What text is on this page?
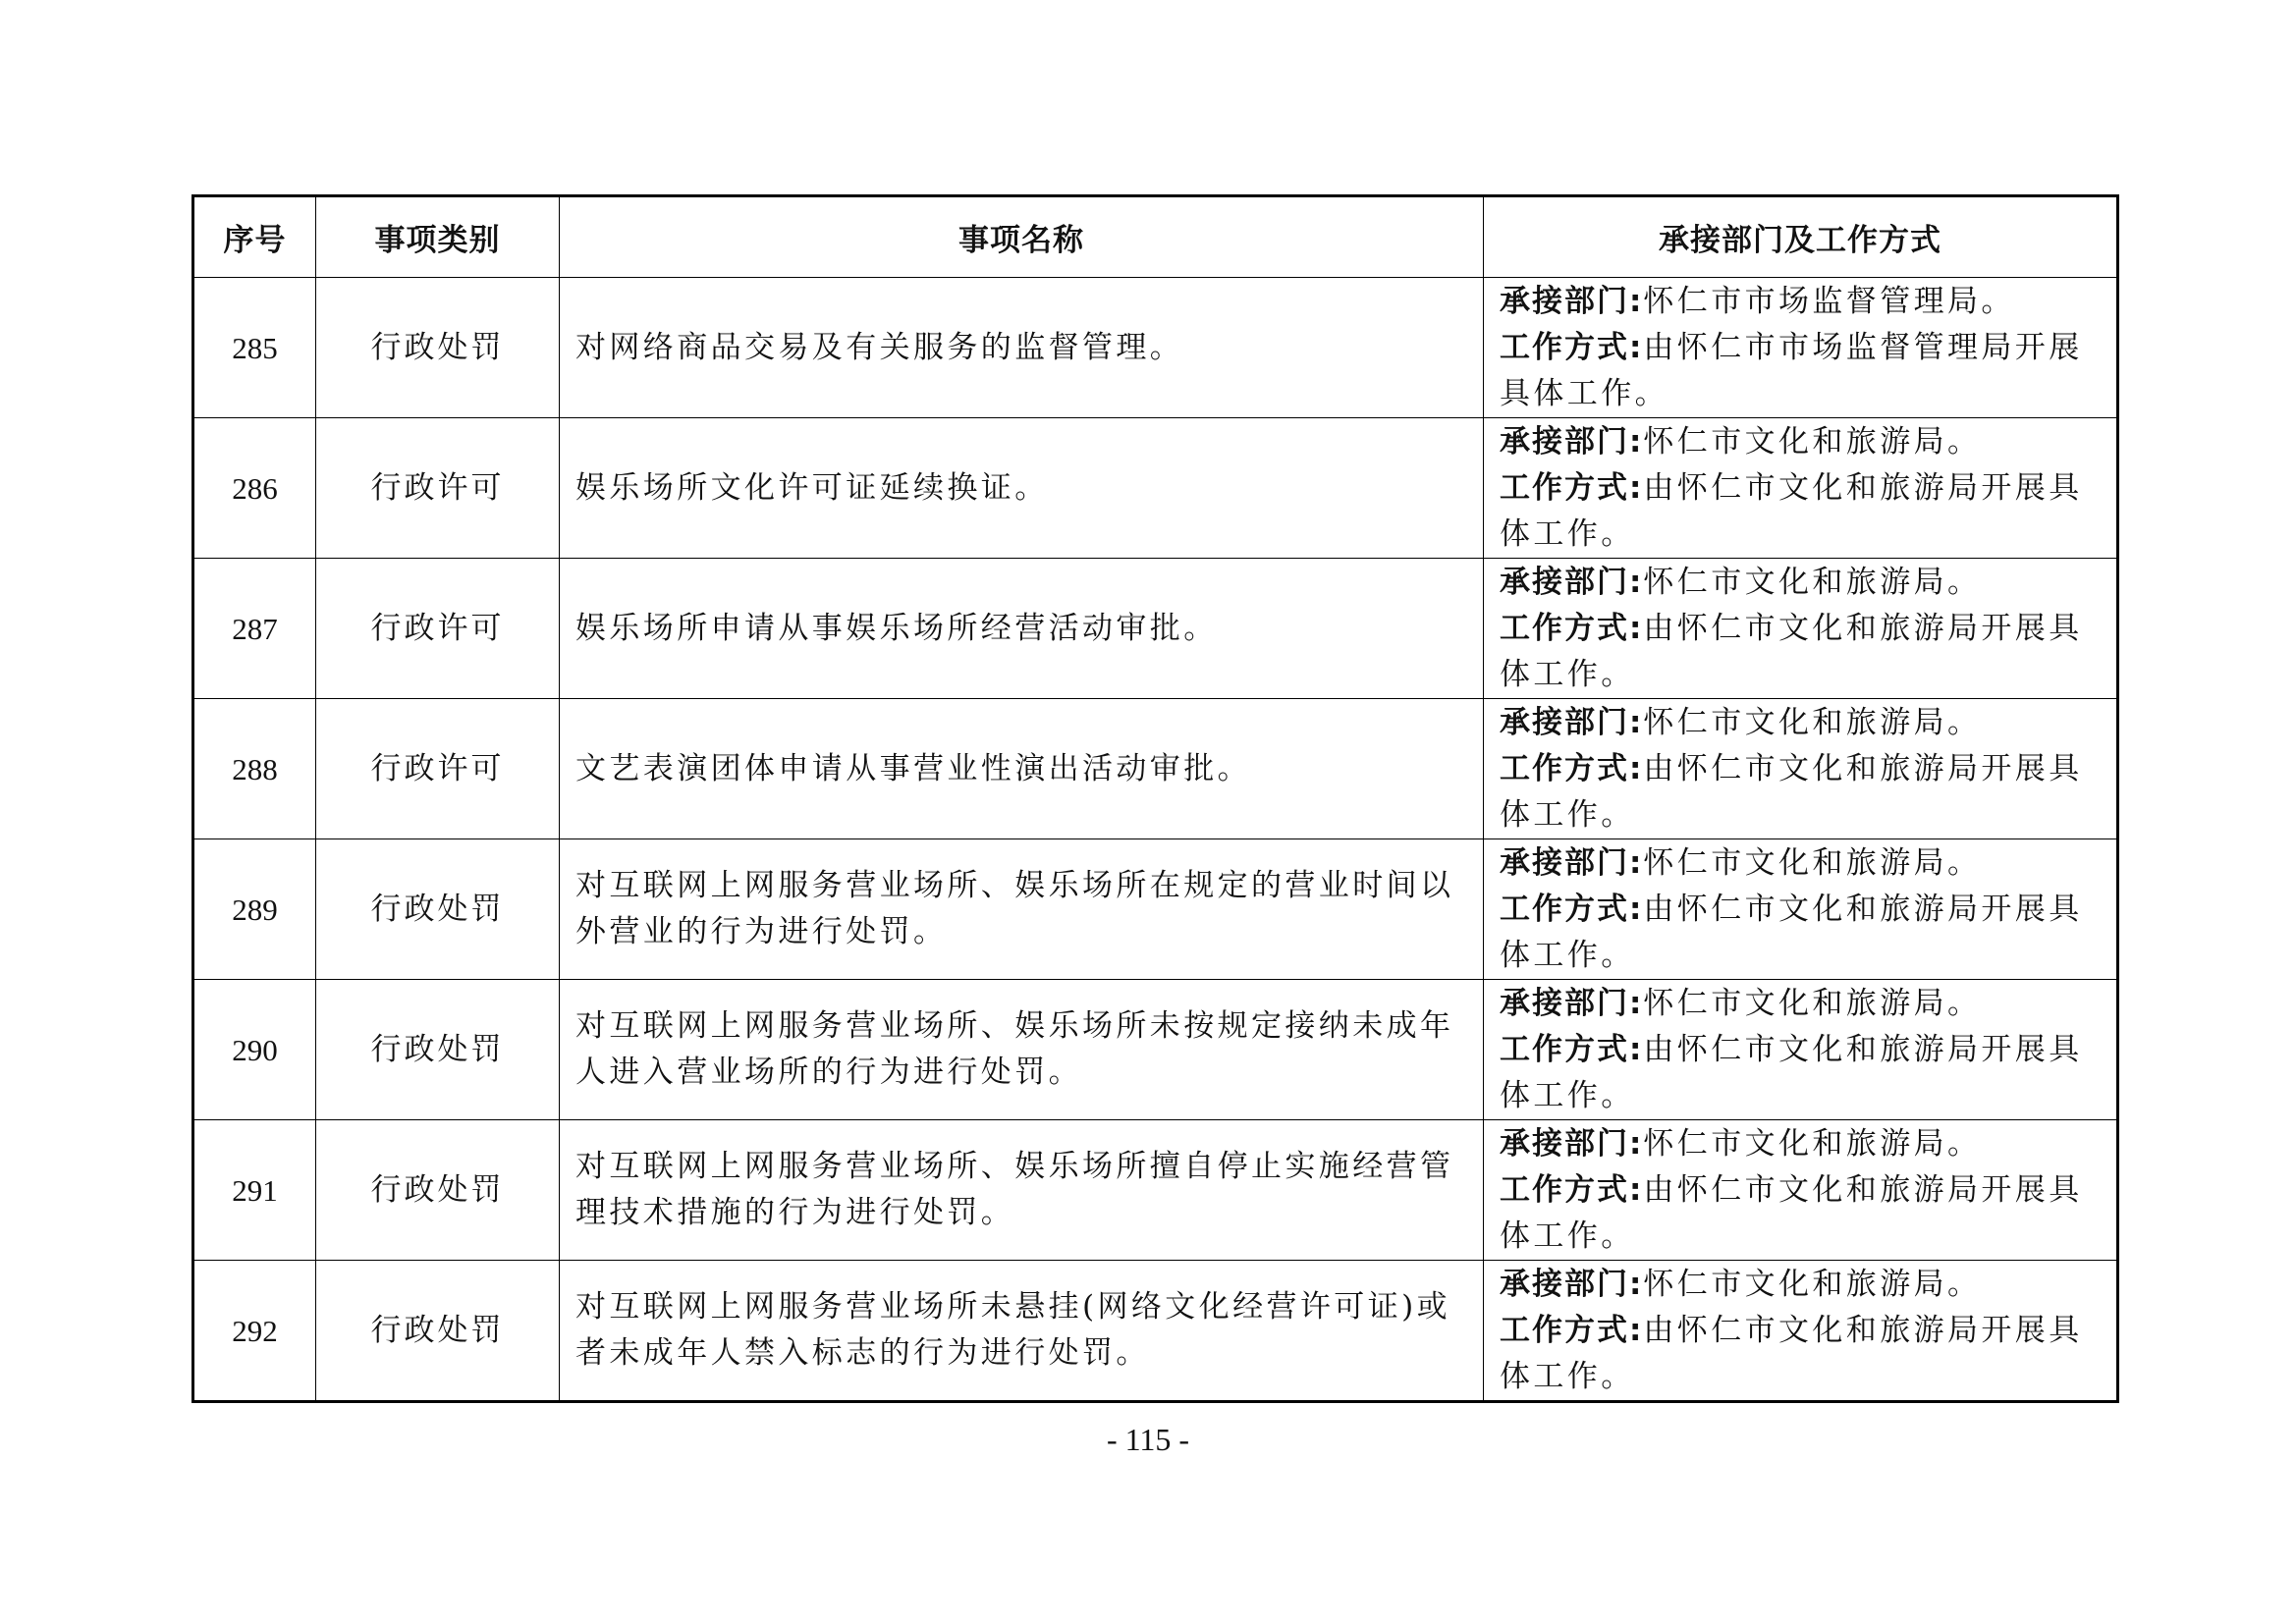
序号	事项类别	事项名称	承接部门及工作方式
285	行政处罚	对网络商品交易及有关服务的监督管理。	承接部门:怀仁市市场监督管理局。
工作方式:由怀仁市市场监督管理局开展具体工作。

286	行政许可	娱乐场所文化许可证延续换证。	承接部门:怀仁市文化和旅游局。
工作方式:由怀仁市文化和旅游局开展具体工作。

287	行政许可	娱乐场所申请从事娱乐场所经营活动审批。	承接部门:怀仁市文化和旅游局。
工作方式:由怀仁市文化和旅游局开展具体工作。

288	行政许可	文艺表演团体申请从事营业性演出活动审批。	承接部门:怀仁市文化和旅游局。
工作方式:由怀仁市文化和旅游局开展具体工作。

289	行政处罚	对互联网上网服务营业场所、娱乐场所在规定的营业时间以外营业的行为进行处罚。	承接部门:怀仁市文化和旅游局。
工作方式:由怀仁市文化和旅游局开展具体工作。

290	行政处罚	对互联网上网服务营业场所、娱乐场所未按规定接纳未成年人进入营业场所的行为进行处罚。	承接部门:怀仁市文化和旅游局。
工作方式:由怀仁市文化和旅游局开展具体工作。

291	行政处罚	对互联网上网服务营业场所、娱乐场所擅自停止实施经营管理技术措施的行为进行处罚。	承接部门:怀仁市文化和旅游局。
工作方式:由怀仁市文化和旅游局开展具体工作。

292	行政处罚	对互联网上网服务营业场所未悬挂(网络文化经营许可证)或者未成年人禁入标志的行为进行处罚。	承接部门:怀仁市文化和旅游局。
工作方式:由怀仁市文化和旅游局开展具体工作。
- 115 -
